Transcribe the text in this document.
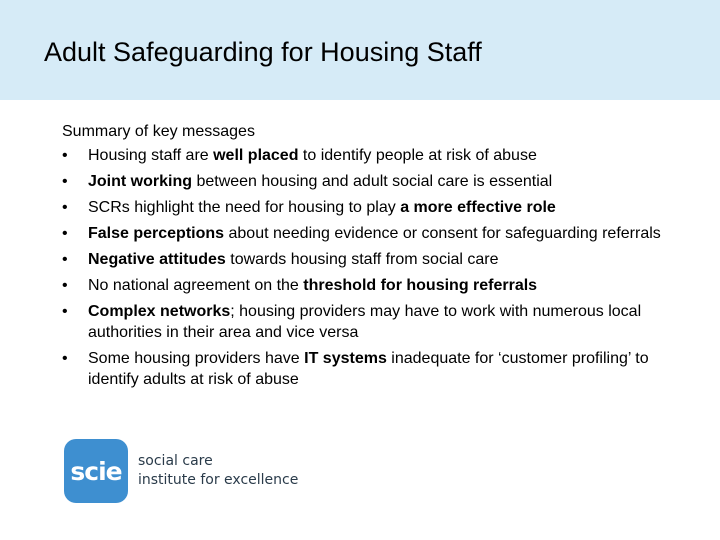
Adult Safeguarding for Housing Staff

Summary of key messages

•	Housing staff are well placed to identify people at risk of abuse
•	Joint working between housing and adult social care is essential
•	SCRs highlight the need for housing to play a more effective role
•	False perceptions about needing evidence or consent for safeguarding referrals
•	Negative attitudes towards housing staff from social care
•	No national agreement on the threshold for housing referrals
•	Complex networks; housing providers may have to work with numerous local authorities in their area and vice versa
•	Some housing providers have IT systems inadequate for ‘customer profiling’ to identify adults at risk of abuse
scie	social care
institute for excellence
